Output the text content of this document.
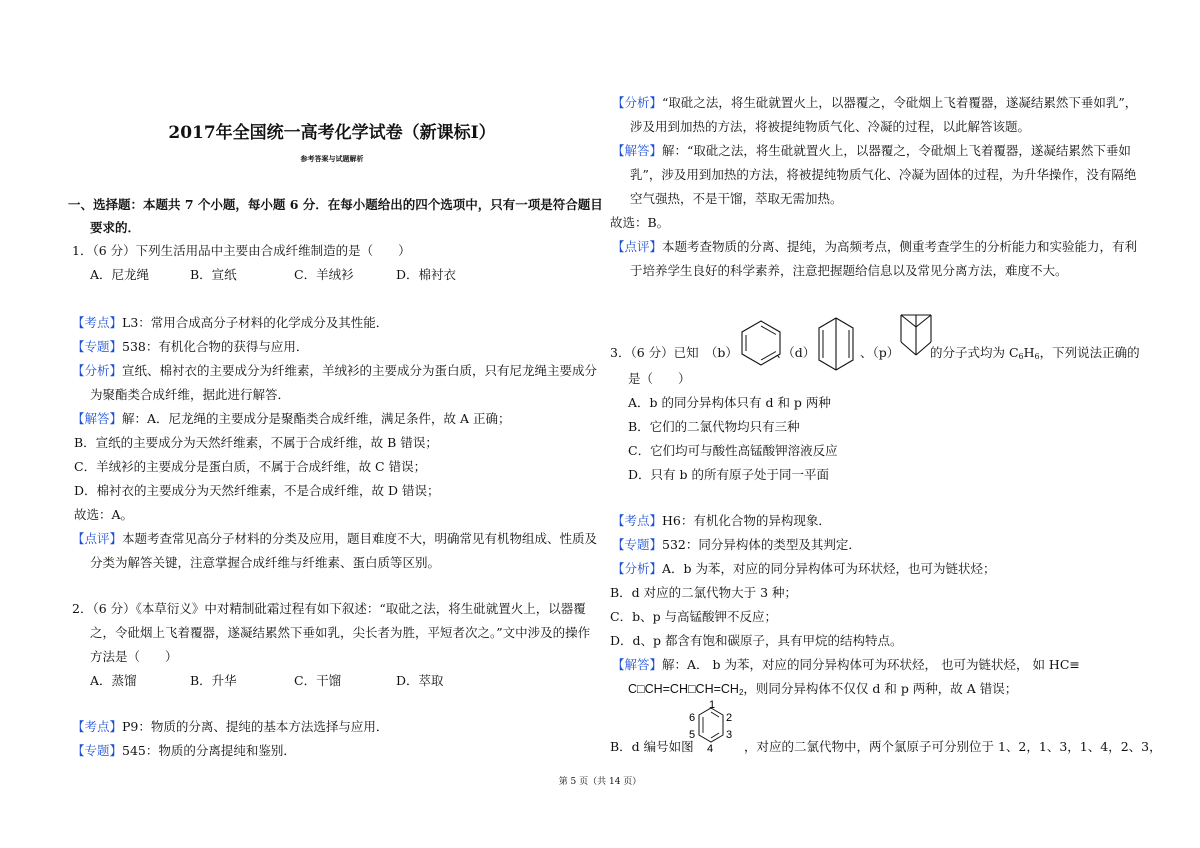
2017年全国统一高考化学试卷（新课标Ⅰ）
参考答案与试题解析
一、选择题：本题共 7 个小题，每小题 6 分．在每小题给出的四个选项中，只有一项是符合题目
要求的．
1．（6 分）下列生活用品中主要由合成纤维制造的是（　　）
A．尼龙绳	B．宣纸	C．羊绒衫	D．棉衬衣
【考点】L3：常用合成高分子材料的化学成分及其性能．
【专题】538：有机化合物的获得与应用．
【分析】宣纸、棉衬衣的主要成分为纤维素，羊绒衫的主要成分为蛋白质，只有尼龙绳主要成分
为聚酯类合成纤维，据此进行解答．
【解答】解：A．尼龙绳的主要成分是聚酯类合成纤维，满足条件，故 A 正确；
B．宣纸的主要成分为天然纤维素，不属于合成纤维，故 B 错误；
C．羊绒衫的主要成分是蛋白质，不属于合成纤维，故 C 错误；
D．棉衬衣的主要成分为天然纤维素，不是合成纤维，故 D 错误；
故选：A。
【点评】本题考查常见高分子材料的分类及应用，题目难度不大，明确常见有机物组成、性质及
分类为解答关键，注意掌握合成纤维与纤维素、蛋白质等区别。
2．（6 分）《本草衍义》中对精制砒霜过程有如下叙述：“取砒之法，将生砒就置火上，以器覆
之，令砒烟上飞着覆器，遂凝结累然下垂如乳，尖长者为胜，平短者次之。”文中涉及的操作
方法是（　　）
A．蒸馏	B．升华	C．干馏	D．萃取
【考点】P9：物质的分离、提纯的基本方法选择与应用．
【专题】545：物质的分离提纯和鉴别．
【分析】“取砒之法，将生砒就置火上，以器覆之，令砒烟上飞着覆器，遂凝结累然下垂如乳”，
涉及用到加热的方法，将被提纯物质气化、冷凝的过程，以此解答该题。
【解答】解：“取砒之法，将生砒就置火上，以器覆之，令砒烟上飞着覆器，遂凝结累然下垂如
乳”，涉及用到加热的方法，将被提纯物质气化、冷凝为固体的过程，为升华操作，没有隔绝
空气强热，不是干馏，萃取无需加热。
故选：B。
【点评】本题考查物质的分离、提纯，为高频考点，侧重考查学生的分析能力和实验能力，有利
于培养学生良好的科学素养，注意把握题给信息以及常见分离方法，难度不大。
3．（6 分）已知　（b）	、（d）	、（p） 的分子式均为 $C_6H_6$，下列说法正确的
是（　　）
A．b 的同分异构体只有 d 和 p 两种
B．它们的二氯代物均只有三种
C．它们均可与酸性高锰酸钾溶液反应
D．只有 b 的所有原子处于同一平面
【考点】H6：有机化合物的异构现象．
【专题】532：同分异构体的类型及其判定．
【分析】A．b 为苯，对应的同分异构体可为环状烃，也可为链状烃；
B．d 对应的二氯代物大于 3 种；
C．b、p 与高锰酸钾不反应；
D．d、p 都含有饱和碳原子，具有甲烷的结构特点。
【解答】解：A． b 为苯，对应的同分异构体可为环状烃， 也可为链状烃， 如 HC≡
$C□CH=CH□CH=CH_2$，则同分异构体不仅仅 d 和 p 两种，故 A 错误；
B．d 编号如图
1
2
3
4
5
6
，对应的二氯代物中，两个氯原子可分别位于 1、2，1、3，1、4，2、3，
第 5 页（共 14 页）
